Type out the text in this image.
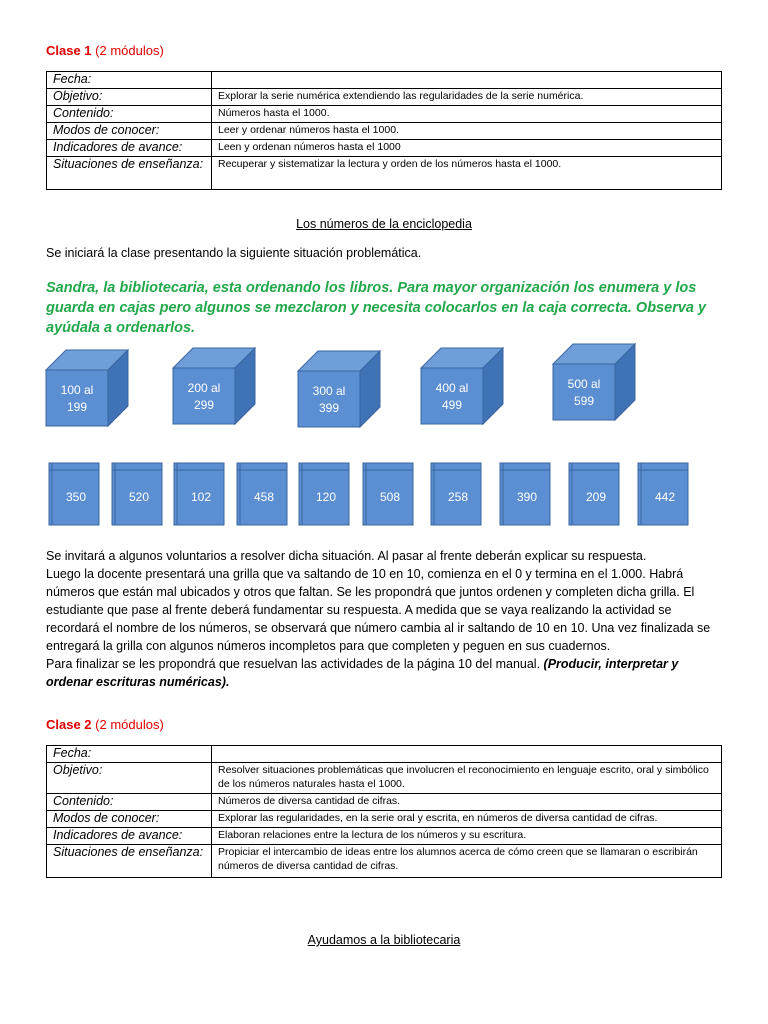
Clase 1 (2 módulos)
Fecha:	
Objetivo:	Explorar la serie numérica extendiendo las regularidades de la serie numérica.
Contenido:	Números hasta el 1000.
Modos de conocer:	Leer y ordenar números hasta el 1000.
Indicadores de avance:	Leen y ordenan números hasta el 1000
Situaciones de enseñanza:	Recuperar y sistematizar la lectura y orden de los números hasta el 1000.
Los números de la enciclopedia
Se iniciará la clase presentando la siguiente situación problemática.
Sandra, la bibliotecaria, esta ordenando los libros. Para mayor organización los enumera y los guarda en cajas pero algunos se mezclaron y necesita colocarlos en la caja correcta. Observa y ayúdala a ordenarlos.
100 al
199
200 al
299
300 al
399
400 al
499
500 al
599
350	520	102	458	120	508	258	390	209	442
Se invitará a algunos voluntarios a resolver dicha situación. Al pasar al frente deberán explicar su respuesta.
Luego la docente presentará una grilla que va saltando de 10 en 10, comienza en el 0 y termina en el 1.000. Habrá números que están mal ubicados y otros que faltan. Se les propondrá que juntos ordenen y completen dicha grilla. El estudiante que pase al frente deberá fundamentar su respuesta. A medida que se vaya realizando la actividad se recordará el nombre de los números, se observará que número cambia al ir saltando de 10 en 10. Una vez finalizada se entregará la grilla con algunos números incompletos para que completen y peguen en sus cuadernos.
Para finalizar se les propondrá que resuelvan las actividades de la página 10 del manual. (Producir, interpretar y ordenar escrituras numéricas).
Clase 2 (2 módulos)
Fecha:	
Objetivo:	Resolver situaciones problemáticas que involucren el reconocimiento en lenguaje escrito, oral y simbólico de los números naturales hasta el 1000.
Contenido:	Números de diversa cantidad de cifras.
Modos de conocer:	Explorar las regularidades, en la serie oral y escrita, en números de diversa cantidad de cifras.
Indicadores de avance:	Elaboran relaciones entre la lectura de los números y su escritura.
Situaciones de enseñanza:	Propiciar el intercambio de ideas entre los alumnos acerca de cómo creen que se llamaran o escribirán números de diversa cantidad de cifras.
Ayudamos a la bibliotecaria
